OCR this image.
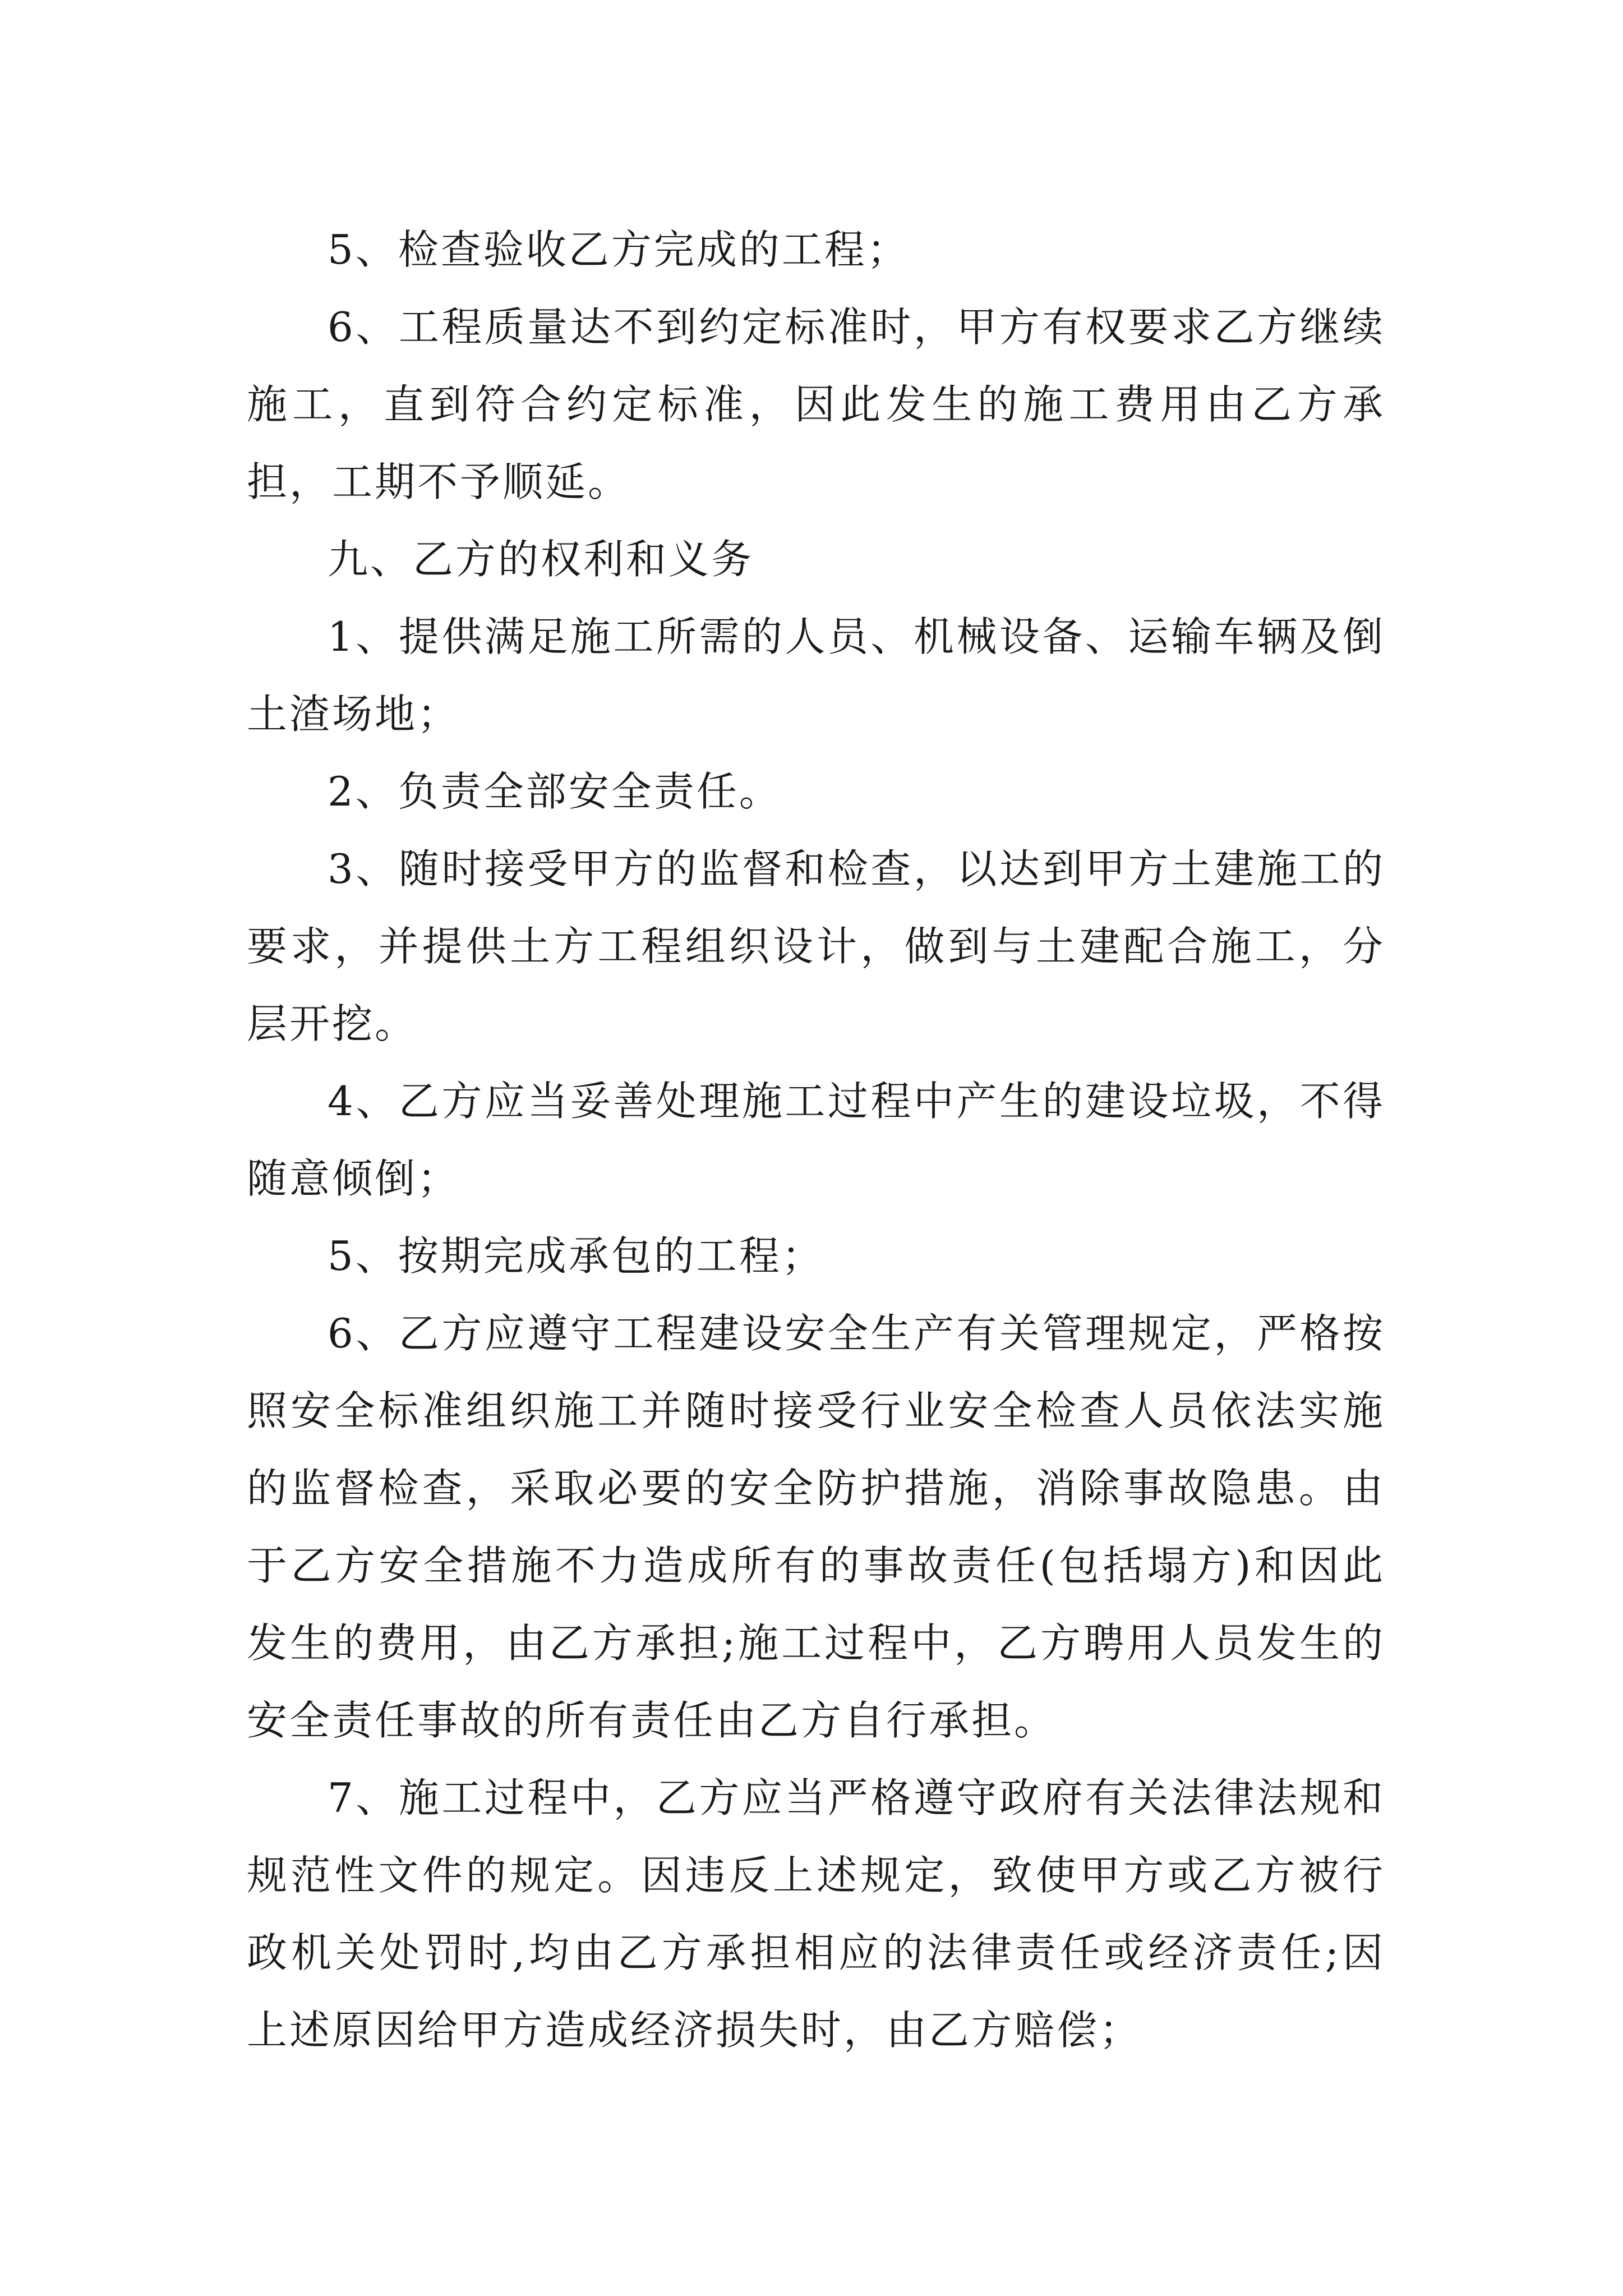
5、检查验收乙方完成的工程；

6、工程质量达不到约定标准时，甲方有权要求乙方继续施工，直到符合约定标准，因此发生的施工费用由乙方承担，工期不予顺延。

九、乙方的权利和义务

1、提供满足施工所需的人员、机械设备、运输车辆及倒土渣场地；

2、负责全部安全责任。

3、随时接受甲方的监督和检查，以达到甲方土建施工的要求，并提供土方工程组织设计，做到与土建配合施工，分层开挖。

4、乙方应当妥善处理施工过程中产生的建设垃圾，不得随意倾倒；

5、按期完成承包的工程；

6、乙方应遵守工程建设安全生产有关管理规定，严格按照安全标准组织施工并随时接受行业安全检查人员依法实施的监督检查，采取必要的安全防护措施，消除事故隐患。由于乙方安全措施不力造成所有的事故责任(包括塌方)和因此发生的费用，由乙方承担;施工过程中，乙方聘用人员发生的安全责任事故的所有责任由乙方自行承担。

7、施工过程中，乙方应当严格遵守政府有关法律法规和规范性文件的规定。因违反上述规定，致使甲方或乙方被行政机关处罚时,均由乙方承担相应的法律责任或经济责任;因上述原因给甲方造成经济损失时，由乙方赔偿；
